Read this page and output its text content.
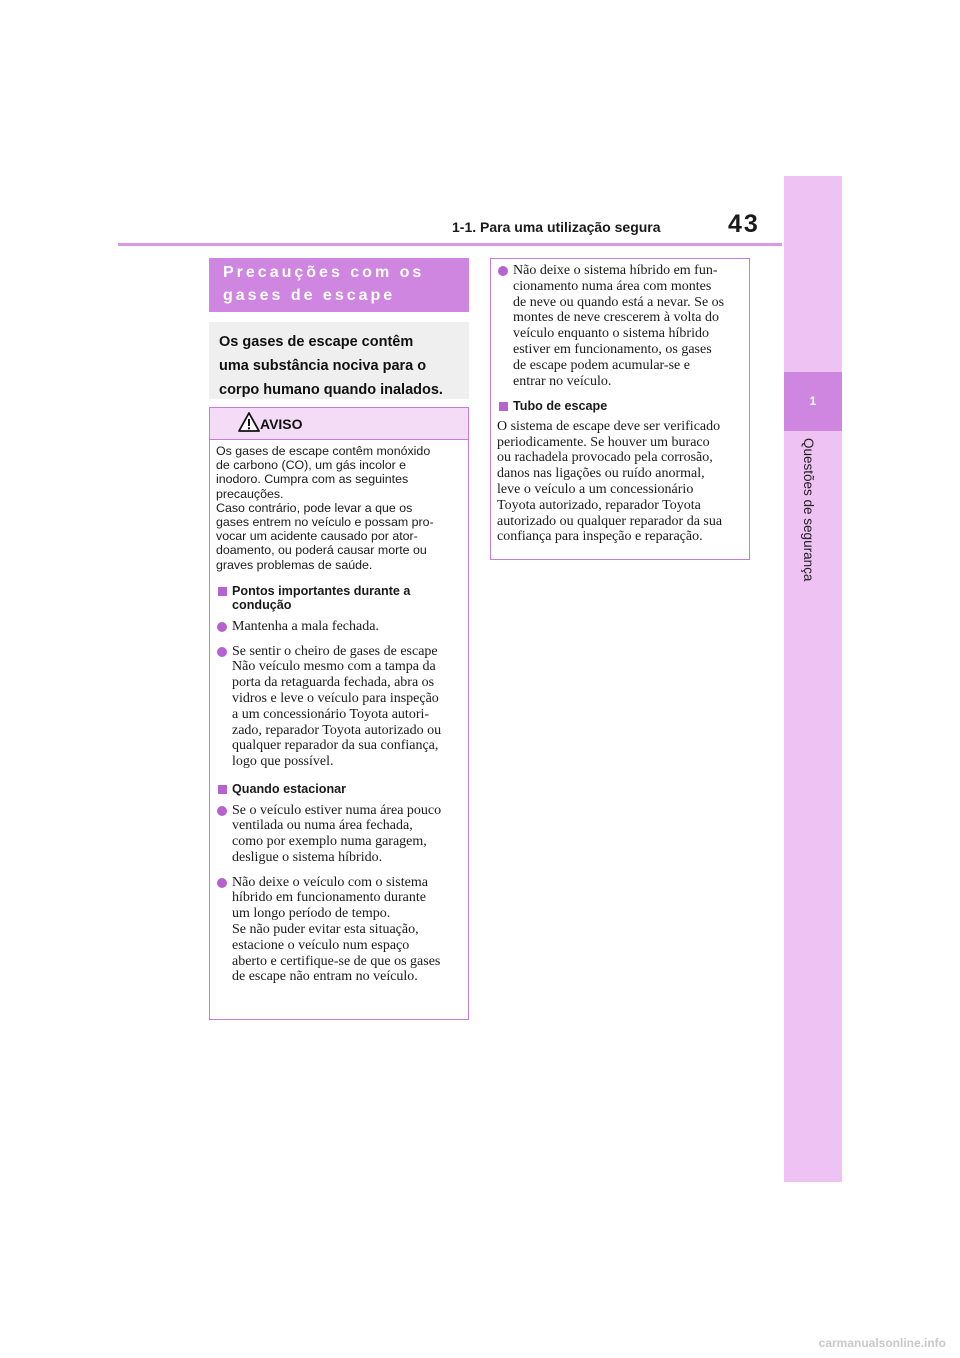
1-1. Para uma utilização segura	43
1
Questões de segurança
Precauções com os
gases de escape
Os gases de escape contêm
uma substância nociva para o
corpo humano quando inalados.
AVISO

Os gases de escape contêm monóxido
de carbono (CO), um gás incolor e
inodoro. Cumpra com as seguintes
precauções.
Caso contrário, pode levar a que os
gases entrem no veículo e possam pro-
vocar um acidente causado por ator-
doamento, ou poderá causar morte ou
graves problemas de saúde.

Pontos importantes durante a
condução
Mantenha a mala fechada.
Se sentir o cheiro de gases de escape
Não veículo mesmo com a tampa da
porta da retaguarda fechada, abra os
vidros e leve o veículo para inspeção
a um concessionário Toyota autori-
zado, reparador Toyota autorizado ou
qualquer reparador da sua confiança,
logo que possível.
Quando estacionar
Se o veículo estiver numa área pouco
ventilada ou numa área fechada,
como por exemplo numa garagem,
desligue o sistema híbrido.
Não deixe o veículo com o sistema
híbrido em funcionamento durante
um longo período de tempo.
Se não puder evitar esta situação,
estacione o veículo num espaço
aberto e certifique-se de que os gases
de escape não entram no veículo.
Não deixe o sistema híbrido em fun-
cionamento numa área com montes
de neve ou quando está a nevar. Se os
montes de neve crescerem à volta do
veículo enquanto o sistema híbrido
estiver em funcionamento, os gases
de escape podem acumular-se e
entrar no veículo.
Tubo de escape

O sistema de escape deve ser verificado
periodicamente. Se houver um buraco
ou rachadela provocado pela corrosão,
danos nas ligações ou ruído anormal,
leve o veículo a um concessionário
Toyota autorizado, reparador Toyota
autorizado ou qualquer reparador da sua
confiança para inspeção e reparação.

carmanualsonline.info
